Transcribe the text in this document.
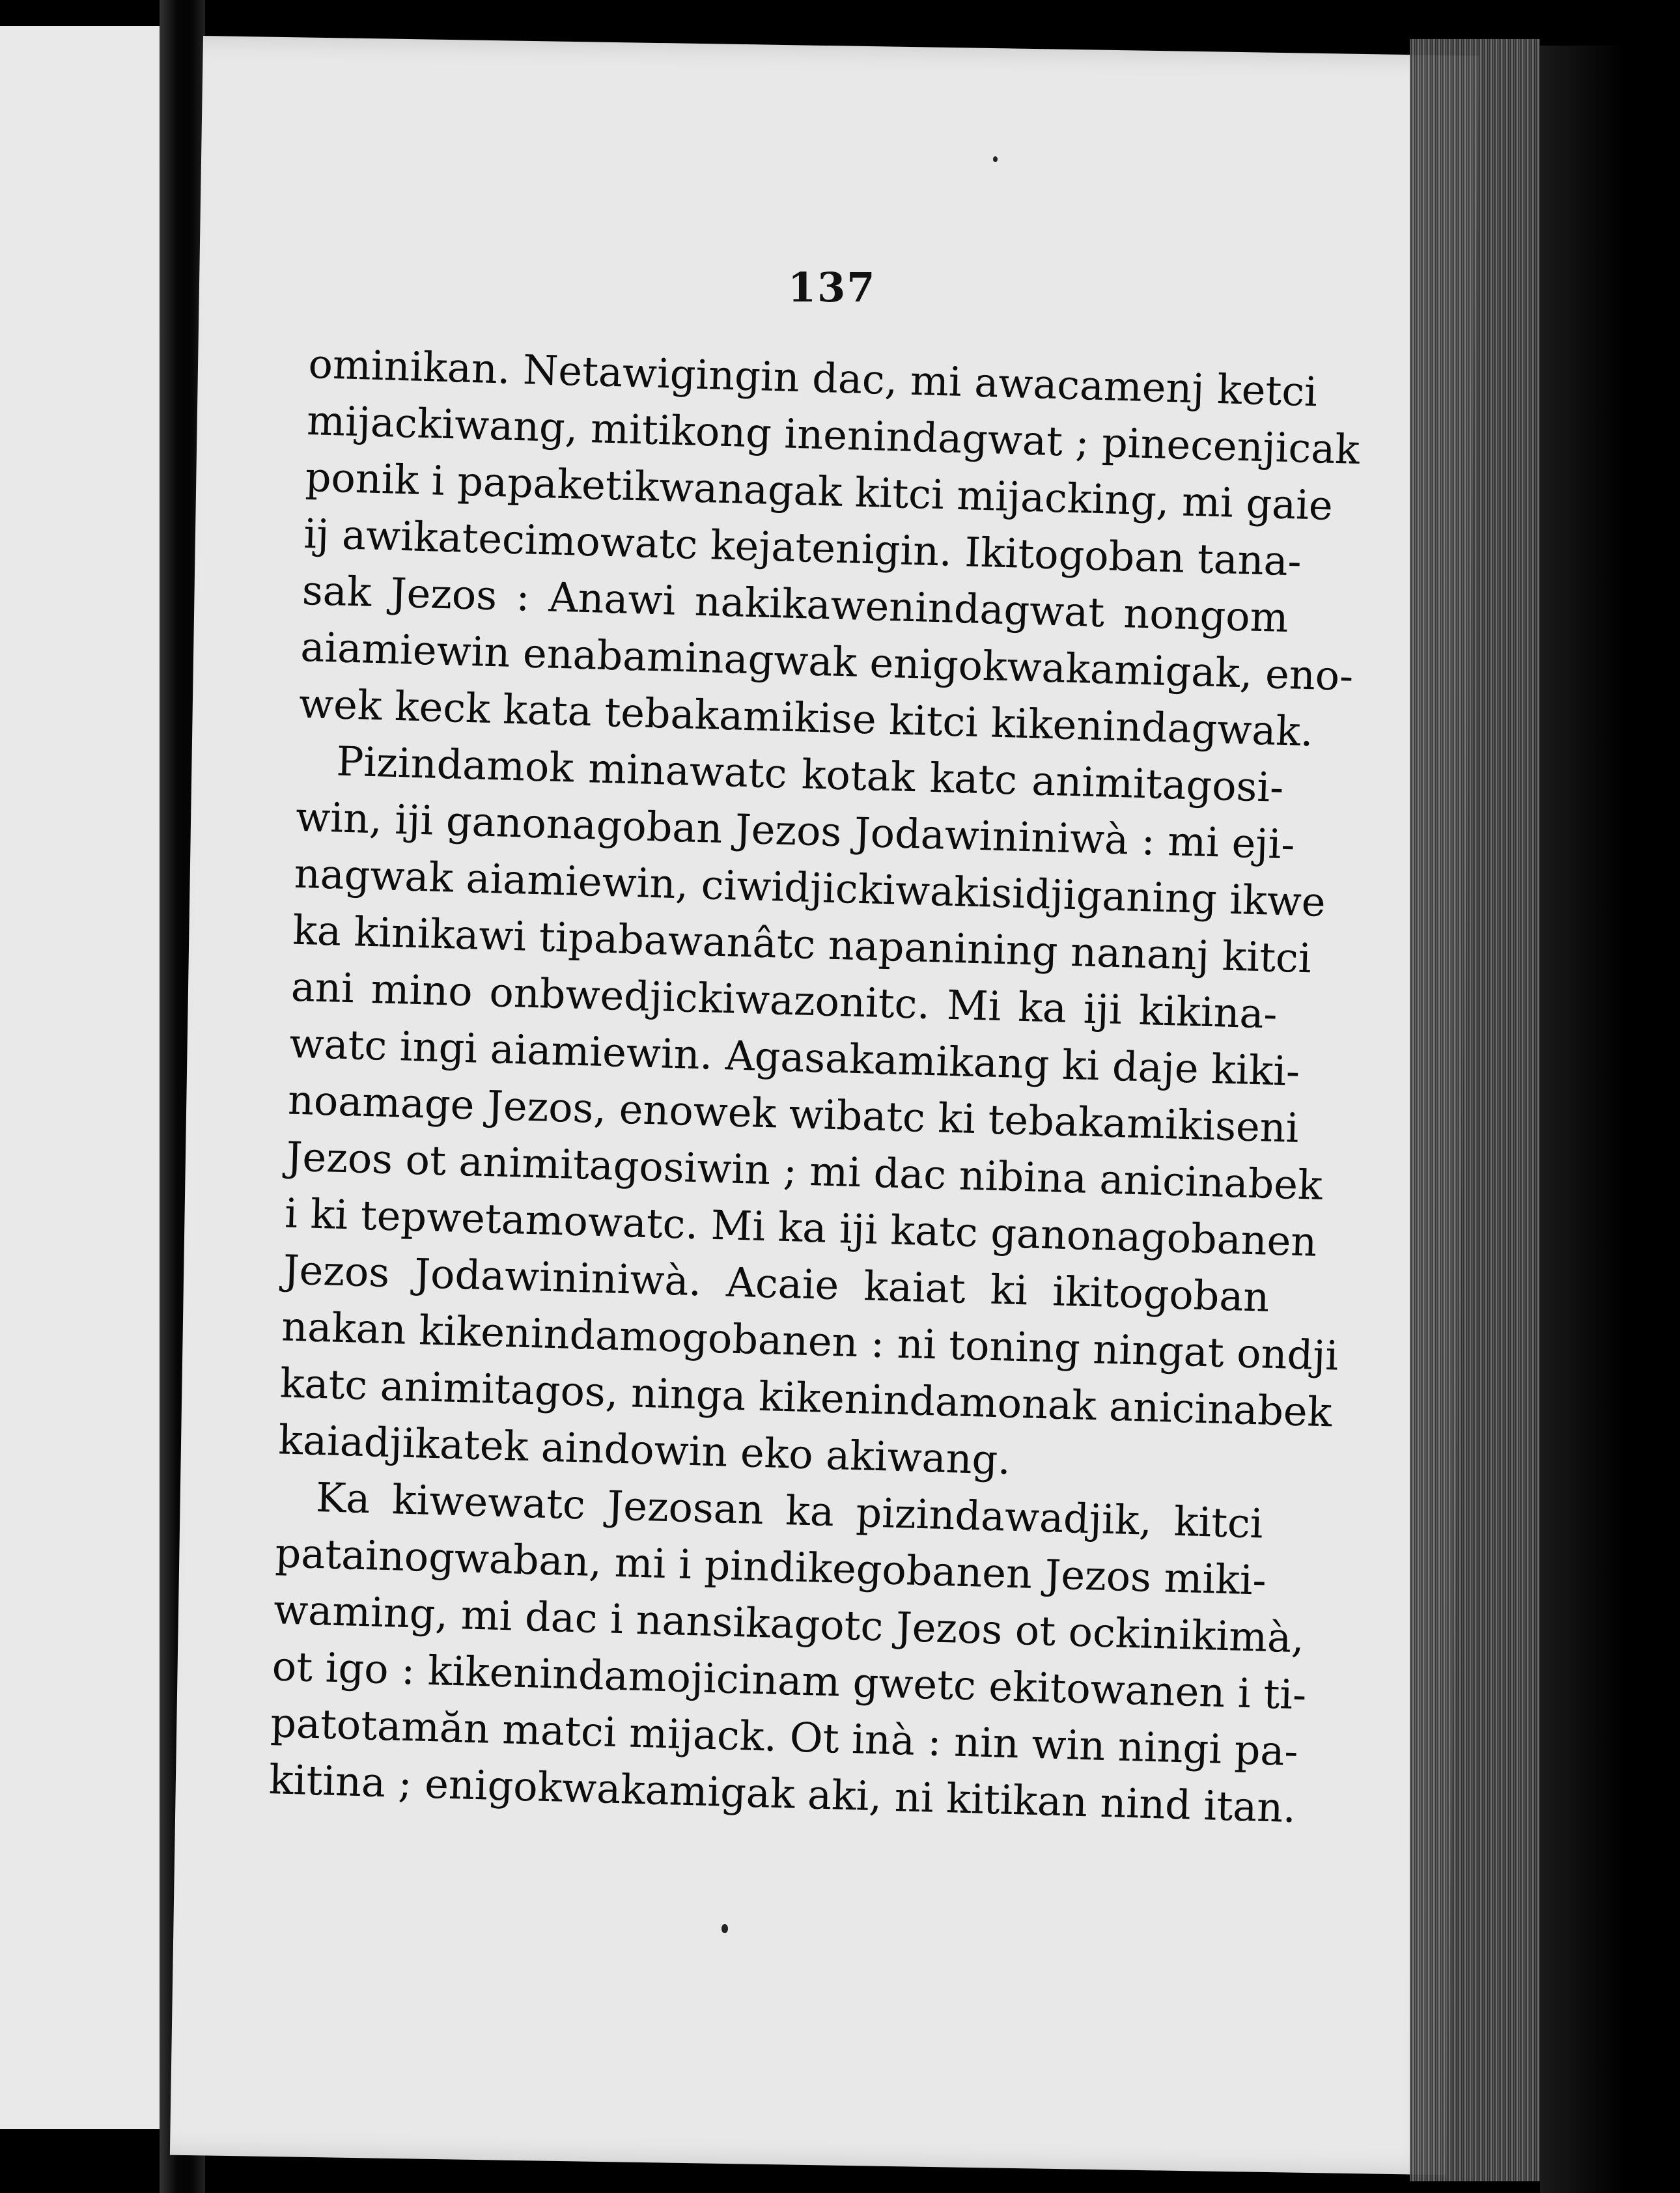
137
ominikan. Netawigingin dac, mi awacamenj ketci
mijackiwang, mitikong inenindagwat ; pinecenjicak
ponik i papaketikwanagak kitci mijacking, mi gaie
ij awikatecimowatc kejatenigin. Ikitogoban tana-
sak Jezos : Anawi nakikawenindagwat nongom
aiamiewin enabaminagwak enigokwakamigak, eno-
wek keck kata tebakamikise kitci kikenindagwak.
Pizindamok minawatc kotak katc animitagosi-
win, iji ganonagoban Jezos Jodawininiwà : mi eji-
nagwak aiamiewin, ciwidjickiwakisidjiganing ikwe
ka kinikawi tipabawanâtc napanining nananj kitci
ani mino onbwedjickiwazonitc. Mi ka iji kikina-
watc ingi aiamiewin. Agasakamikang ki daje kiki-
noamage Jezos, enowek wibatc ki tebakamikiseni
Jezos ot animitagosiwin ; mi dac nibina anicinabek
i ki tepwetamowatc. Mi ka iji katc ganonagobanen
Jezos Jodawininiwà. Acaie kaiat ki ikitogoban
nakan kikenindamogobanen : ni toning ningat ondji
katc animitagos, ninga kikenindamonak anicinabek
kaiadjikatek aindowin eko akiwang.
Ka kiwewatc Jezosan ka pizindawadjik, kitci
patainogwaban, mi i pindikegobanen Jezos miki-
waming, mi dac i nansikagotc Jezos ot ockinikimà,
ot igo : kikenindamojicinam gwetc ekitowanen i ti-
patotamăn matci mijack. Ot inà : nin win ningi pa-
kitina ; enigokwakamigak aki, ni kitikan nind itan.
